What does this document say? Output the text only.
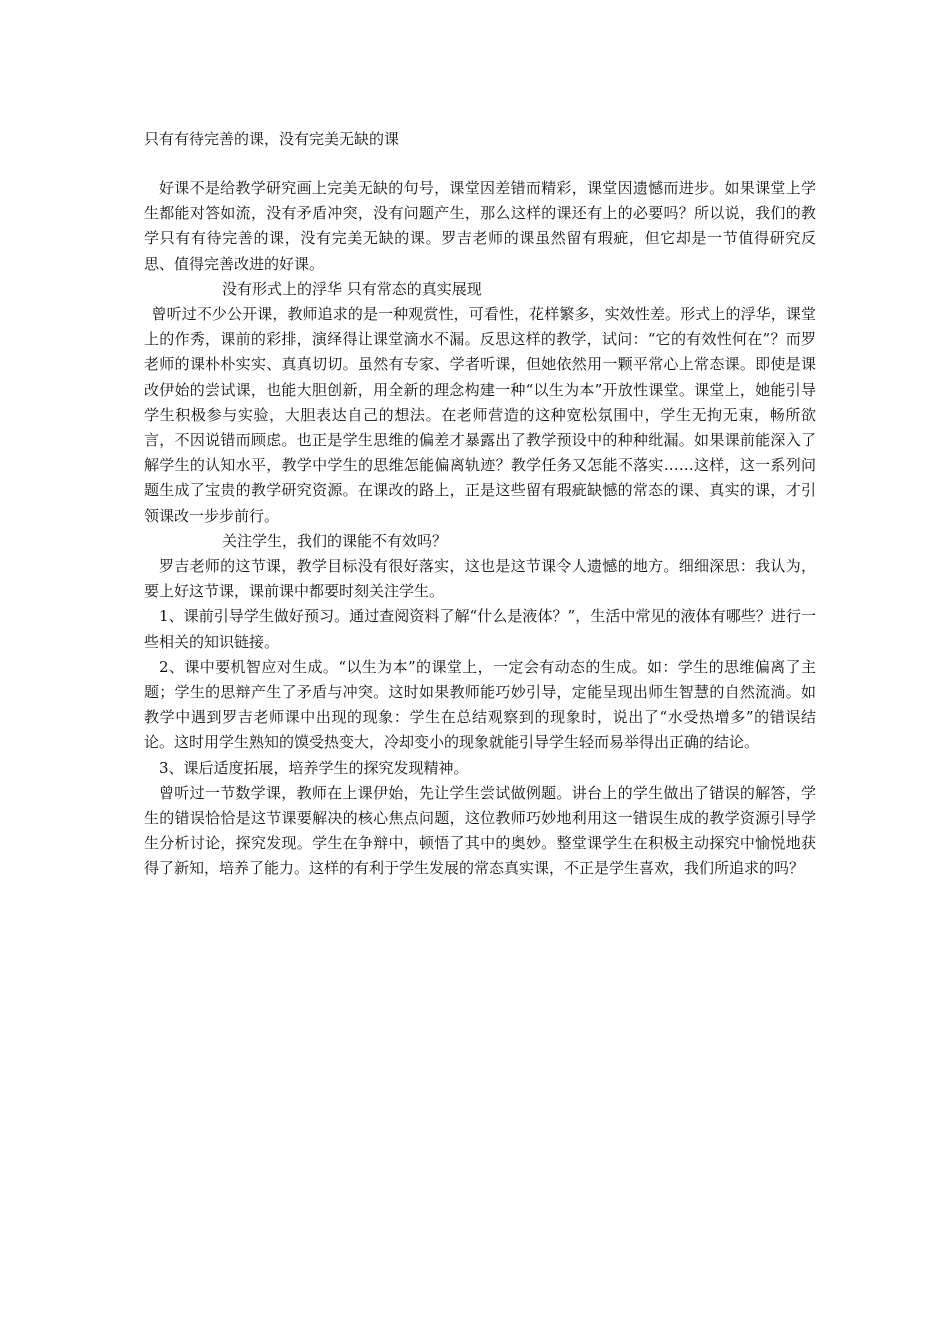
只有有待完善的课，没有完美无缺的课

好课不是给教学研究画上完美无缺的句号，课堂因差错而精彩，课堂因遗憾而进步。如果课堂上学生都能对答如流，没有矛盾冲突，没有问题产生，那么这样的课还有上的必要吗？所以说，我们的教学只有有待完善的课，没有完美无缺的课。罗吉老师的课虽然留有瑕疵，但它却是一节值得研究反思、值得完善改进的好课。

没有形式上的浮华 只有常态的真实展现

曾听过不少公开课，教师追求的是一种观赏性，可看性，花样繁多，实效性差。形式上的浮华，课堂上的作秀，课前的彩排，演绎得让课堂滴水不漏。反思这样的教学，试问：“它的有效性何在”？而罗老师的课朴朴实实、真真切切。虽然有专家、学者听课，但她依然用一颗平常心上常态课。即使是课改伊始的尝试课，也能大胆创新，用全新的理念构建一种“以生为本”开放性课堂。课堂上，她能引导学生积极参与实验，大胆表达自己的想法。在老师营造的这种宽松氛围中，学生无拘无束，畅所欲言，不因说错而顾虑。也正是学生思维的偏差才暴露出了教学预设中的种种纰漏。如果课前能深入了解学生的认知水平，教学中学生的思维怎能偏离轨迹？教学任务又怎能不落实……这样，这一系列问题生成了宝贵的教学研究资源。在课改的路上，正是这些留有瑕疵缺憾的常态的课、真实的课，才引领课改一步步前行。

关注学生，我们的课能不有效吗？

罗吉老师的这节课，教学目标没有很好落实，这也是这节课令人遗憾的地方。细细深思：我认为，要上好这节课，课前课中都要时刻关注学生。

1、课前引导学生做好预习。通过查阅资料了解“什么是液体？”，生活中常见的液体有哪些？进行一些相关的知识链接。

2、课中要机智应对生成。“以生为本”的课堂上，一定会有动态的生成。如：学生的思维偏离了主题；学生的思辩产生了矛盾与冲突。这时如果教师能巧妙引导，定能呈现出师生智慧的自然流淌。如教学中遇到罗吉老师课中出现的现象：学生在总结观察到的现象时，说出了“水受热增多”的错误结论。这时用学生熟知的馍受热变大，冷却变小的现象就能引导学生轻而易举得出正确的结论。

3、课后适度拓展，培养学生的探究发现精神。

曾听过一节数学课，教师在上课伊始，先让学生尝试做例题。讲台上的学生做出了错误的解答，学生的错误恰恰是这节课要解决的核心焦点问题，这位教师巧妙地利用这一错误生成的教学资源引导学生分析讨论，探究发现。学生在争辩中，顿悟了其中的奥妙。整堂课学生在积极主动探究中愉悦地获得了新知，培养了能力。这样的有利于学生发展的常态真实课，不正是学生喜欢，我们所追求的吗？
